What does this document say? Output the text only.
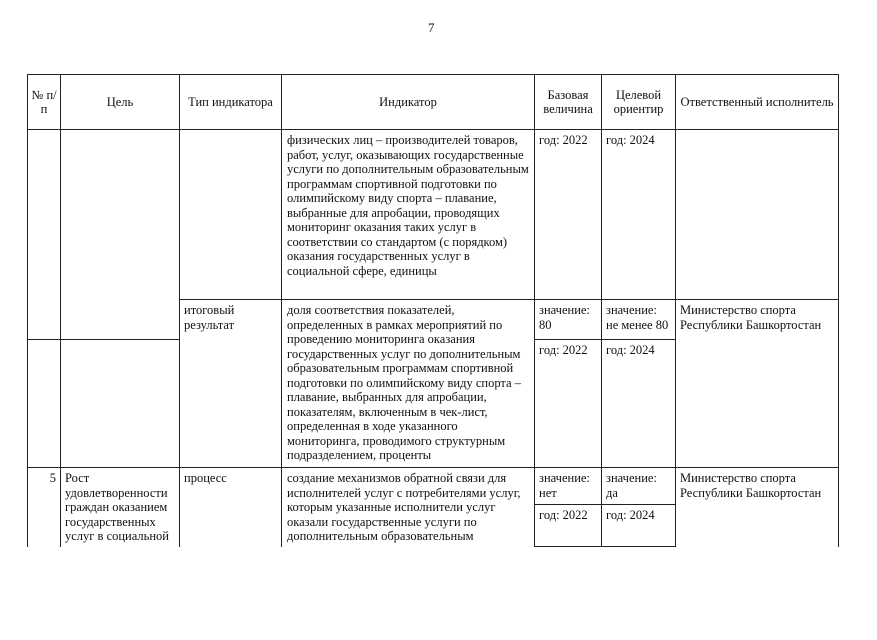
7
№ п/п	Цель	Тип индикатора	Индикатор	Базовая величина	Целевой ориентир	Ответственный исполнитель
			физических лиц – производителей товаров, работ, услуг, оказывающих государственные услуги по дополнительным образовательным программам спортивной подготовки по олимпийскому виду спорта – плавание, выбранные для апробации, проводящих мониторинг оказания таких услуг в соответствии со стандартом (с порядком) оказания государственных услуг в социальной сфере, единицы	год: 2022	год: 2024	
		итоговый результат	доля соответствия показателей, определенных в рамках мероприятий по проведению мониторинга оказания государственных услуг по дополнительным образовательным программам спортивной подготовки по олимпийскому виду спорта – плавание, выбранных для апробации, показателям, включенным в чек-лист, определенная в ходе указанного мониторинга, проводимого структурным подразделением, проценты	значение: 80	значение: не менее 80	Министерство спорта Республики Башкортостан
				год: 2022	год: 2024	
5	Рост удовлетворенности граждан оказанием государственных услуг в социальной	процесс	создание механизмов обратной связи для исполнителей услуг с потребителями услуг, которым указанные исполнители услуг оказали государственные услуги по дополнительным образовательным	значение: нет	значение: да	Министерство спорта Республики Башкортостан
				год: 2022	год: 2024	
